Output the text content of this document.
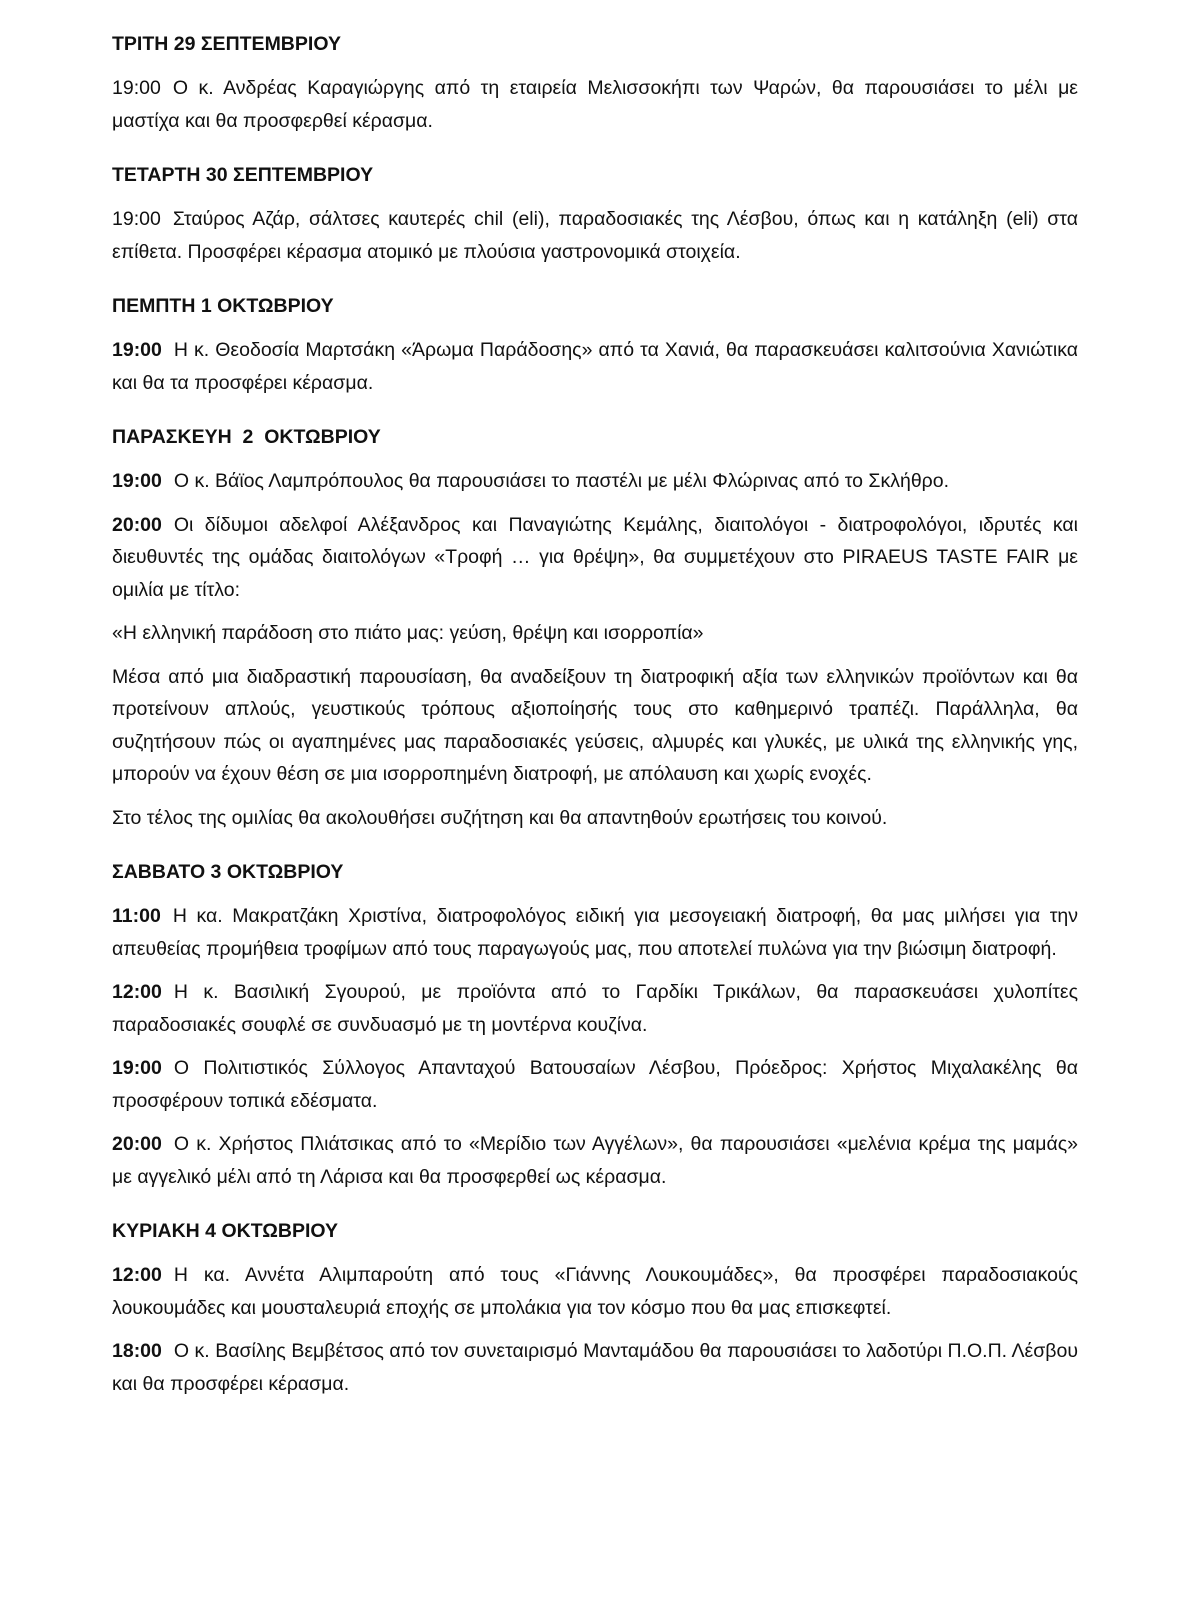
ΤΡΙΤΗ 29 ΣΕΠΤΕΜΒΡΙΟΥ

19:00 Ο κ. Ανδρέας Καραγιώργης από τη εταιρεία Μελισσοκήπι των Ψαρών, θα παρουσιάσει το μέλι με μαστίχα και θα προσφερθεί κέρασμα.

ΤΕΤΑΡΤΗ 30 ΣΕΠΤΕΜΒΡΙΟΥ

19:00 Σταύρος Αζάρ, σάλτσες καυτερές chil (eli), παραδοσιακές της Λέσβου, όπως και η κατάληξη (eli) στα επίθετα. Προσφέρει κέρασμα ατομικό με πλούσια γαστρονομικά στοιχεία.

ΠΕΜΠΤΗ 1 ΟΚΤΩΒΡΙΟΥ

19:00 Η κ. Θεοδοσία Μαρτσάκη «Άρωμα Παράδοσης» από τα Χανιά, θα παρασκευάσει καλιτσούνια Χανιώτικα και θα τα προσφέρει κέρασμα.

ΠΑΡΑΣΚΕΥΗ  2  ΟΚΤΩΒΡΙΟΥ

19:00 Ο κ. Βάϊος Λαμπρόπουλος θα παρουσιάσει το παστέλι με μέλι Φλώρινας από το Σκλήθρο.

20:00 Οι δίδυμοι αδελφοί Αλέξανδρος και Παναγιώτης Κεμάλης, διαιτολόγοι - διατροφολόγοι, ιδρυτές και διευθυντές της ομάδας διαιτολόγων «Τροφή … για θρέψη», θα συμμετέχουν στο PIRAEUS TASTE FAIR με ομιλία με τίτλο:

«Η ελληνική παράδοση στο πιάτο μας: γεύση, θρέψη και ισορροπία»

Μέσα από μια διαδραστική παρουσίαση, θα αναδείξουν τη διατροφική αξία των ελληνικών προϊόντων και θα προτείνουν απλούς, γευστικούς τρόπους αξιοποίησής τους στο καθημερινό τραπέζι. Παράλληλα, θα συζητήσουν πώς οι αγαπημένες μας παραδοσιακές γεύσεις, αλμυρές και γλυκές, με υλικά της ελληνικής γης, μπορούν να έχουν θέση σε μια ισορροπημένη διατροφή, με απόλαυση και χωρίς ενοχές.

Στο τέλος της ομιλίας θα ακολουθήσει συζήτηση και θα απαντηθούν ερωτήσεις του κοινού.

ΣΑΒΒΑΤΟ 3 ΟΚΤΩΒΡΙΟΥ

11:00 Η κα. Μακρατζάκη Χριστίνα, διατροφολόγος ειδική για μεσογειακή διατροφή, θα μας μιλήσει για την απευθείας προμήθεια τροφίμων από τους παραγωγούς μας, που αποτελεί πυλώνα για την βιώσιμη διατροφή.

12:00 Η κ. Βασιλική Σγουρού, με προϊόντα από το Γαρδίκι Τρικάλων, θα παρασκευάσει χυλοπίτες παραδοσιακές σουφλέ σε συνδυασμό με τη μοντέρνα κουζίνα.

19:00 Ο Πολιτιστικός Σύλλογος Απανταχού Βατουσαίων Λέσβου, Πρόεδρος: Χρήστος Μιχαλακέλης θα προσφέρουν τοπικά εδέσματα.

20:00 Ο κ. Χρήστος Πλιάτσικας από το «Μερίδιο των Αγγέλων», θα παρουσιάσει «μελένια κρέμα της μαμάς» με αγγελικό μέλι από τη Λάρισα και θα προσφερθεί ως κέρασμα.

ΚΥΡΙΑΚΗ 4 ΟΚΤΩΒΡΙΟΥ

12:00 Η κα. Αννέτα Αλιμπαρούτη από τους «Γιάννης Λουκουμάδες», θα προσφέρει παραδοσιακούς λουκουμάδες και μουσταλευριά εποχής σε μπολάκια για τον κόσμο που θα μας επισκεφτεί.

18:00 Ο κ. Βασίλης Βεμβέτσος από τον συνεταιρισμό Μανταμάδου θα παρουσιάσει το λαδοτύρι Π.Ο.Π. Λέσβου και θα προσφέρει κέρασμα.
